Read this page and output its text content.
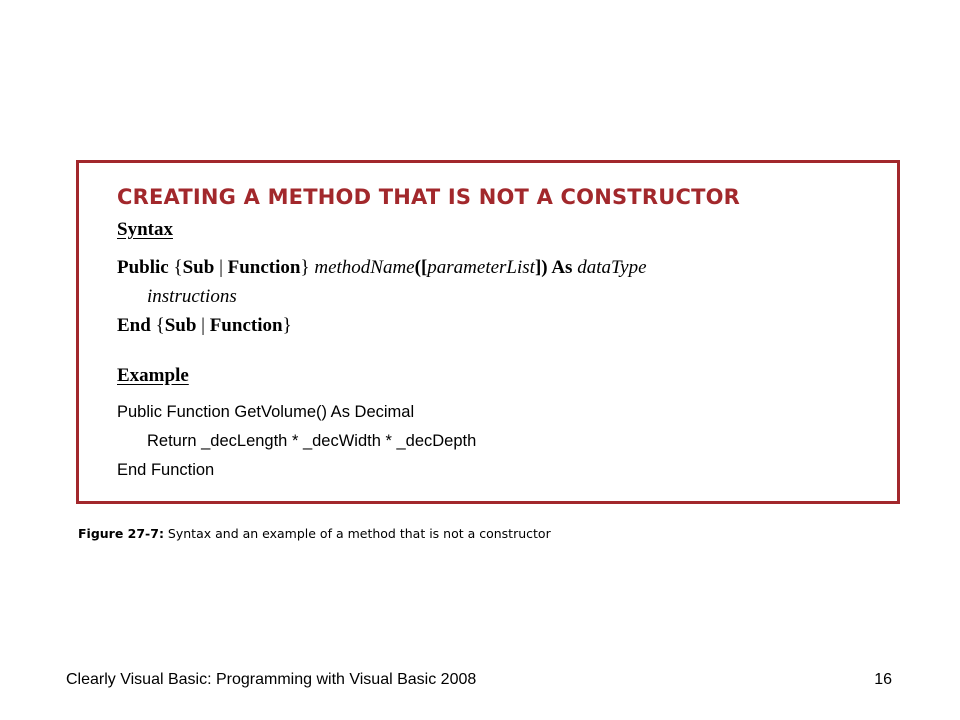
CREATING A METHOD THAT IS NOT A CONSTRUCTOR
Syntax

Public {Sub | Function} methodName([parameterList]) As dataType

instructions

End {Sub | Function}

Example

Public Function GetVolume() As Decimal

Return _decLength * _decWidth * _decDepth

End Function

Figure 27-7: Syntax and an example of a method that is not a constructor

Clearly Visual Basic: Programming with Visual Basic 2008	16
